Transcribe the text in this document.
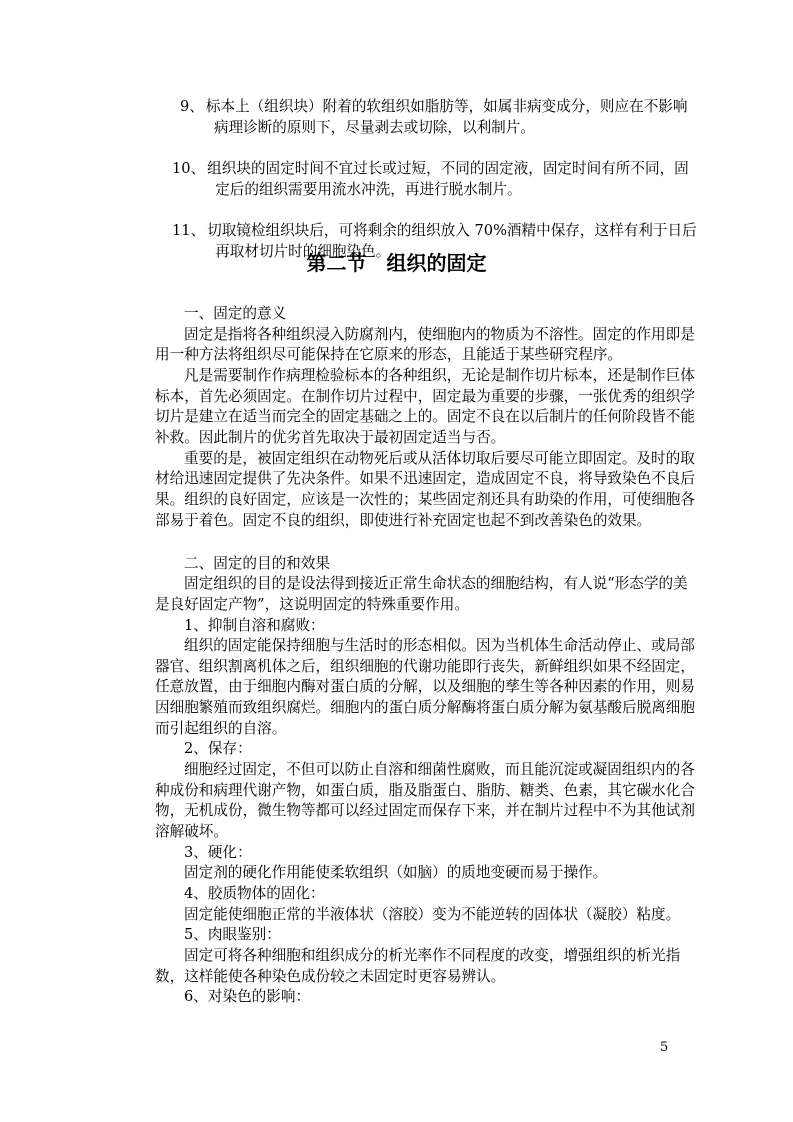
9、 标本上（组织块）附着的软组织如脂肪等，如属非病变成分，则应在不影响
病理诊断的原则下，尽量剥去或切除，以利制片。
10、 组织块的固定时间不宜过长或过短，不同的固定液，固定时间有所不同，固
定后的组织需要用流水冲洗，再进行脱水制片。
11、 切取镜检组织块后，可将剩余的组织放入 70%酒精中保存，这样有利于日后
再取材切片时的细胞染色。
第二节　组织的固定
一、固定的意义
固定是指将各种组织浸入防腐剂内，使细胞内的物质为不溶性。固定的作用即是
用一种方法将组织尽可能保持在它原来的形态，且能适于某些研究程序。
凡是需要制作作病理检验标本的各种组织，无论是制作切片标本，还是制作巨体
标本，首先必须固定。在制作切片过程中，固定最为重要的步骤，一张优秀的组织学
切片是建立在适当而完全的固定基础之上的。固定不良在以后制片的任何阶段皆不能
补救。因此制片的优劣首先取决于最初固定适当与否。
重要的是，被固定组织在动物死后或从活体切取后要尽可能立即固定。及时的取
材给迅速固定提供了先决条件。如果不迅速固定，造成固定不良，将导致染色不良后
果。组织的良好固定，应该是一次性的；某些固定剂还具有助染的作用，可使细胞各
部易于着色。固定不良的组织，即使进行补充固定也起不到改善染色的效果。
二、固定的目的和效果
固定组织的目的是设法得到接近正常生命状态的细胞结构，有人说“形态学的美
是良好固定产物”，这说明固定的特殊重要作用。
1、抑制自溶和腐败：
组织的固定能保持细胞与生活时的形态相似。因为当机体生命活动停止、或局部
器官、组织割离机体之后，组织细胞的代谢功能即行丧失，新鲜组织如果不经固定，
任意放置，由于细胞内酶对蛋白质的分解，以及细胞的孳生等各种因素的作用，则易
因细胞繁殖而致组织腐烂。细胞内的蛋白质分解酶将蛋白质分解为氨基酸后脱离细胞
而引起组织的自溶。
2、保存：
细胞经过固定，不但可以防止自溶和细菌性腐败，而且能沉淀或凝固组织内的各
种成份和病理代谢产物，如蛋白质，脂及脂蛋白、脂肪、糖类、色素，其它碳水化合
物，无机成份，微生物等都可以经过固定而保存下来，并在制片过程中不为其他试剂
溶解破坏。
3、硬化：
固定剂的硬化作用能使柔软组织（如脑）的质地变硬而易于操作。
4、胶质物体的固化：
固定能使细胞正常的半液体状（溶胶）变为不能逆转的固体状（凝胶）粘度。
5、肉眼鉴别：
固定可将各种细胞和组织成分的析光率作不同程度的改变，增强组织的析光指
数，这样能使各种染色成份较之未固定时更容易辨认。
6、对染色的影响：
5
